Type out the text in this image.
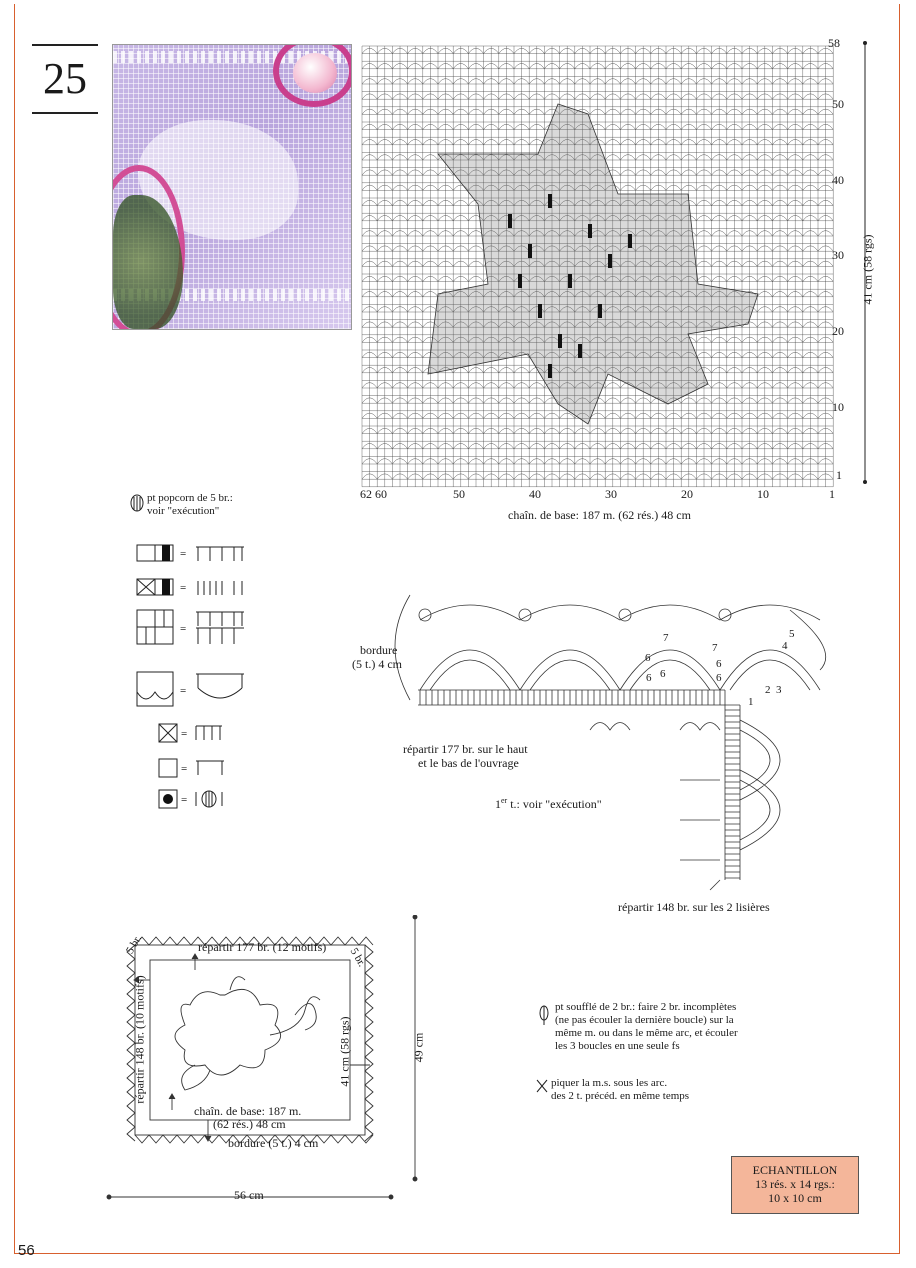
56
25
58
50
40
30
20
10
1
62 60	50	40	30	20	10	1
chaîn. de base: 187 m. (62 rés.) 48 cm
41 cm (58 rgs)
pt popcorn de 5 br.:
voir "exécution"
=
=
=
=
=
=
=
bordure
(5 t.) 4 cm
répartir 177 br. sur le haut
et le bas de l'ouvrage
1er t.: voir "exécution"
répartir 148 br. sur les 2 lisières
5
4
3
2
1
7
7
6	6
6
6	6
5 br.
5 br.
répartir 177 br. (12 motifs)
répartir 148 br. (10 motifs)	41 cm (58 rgs)
chaîn. de base: 187 m.
(62 rés.) 48 cm
bordure (5 t.) 4 cm
49 cm
56 cm
pt soufflé de 2 br.: faire 2 br. incomplètes
(ne pas écouler la dernière boucle) sur la
même m. ou dans le même arc, et écouler
les 3 boucles en une seule fs
piquer la m.s. sous les arc.
des 2 t. précéd. en même temps
ECHANTILLON
13 rés. x 14 rgs.:
10 x 10 cm
